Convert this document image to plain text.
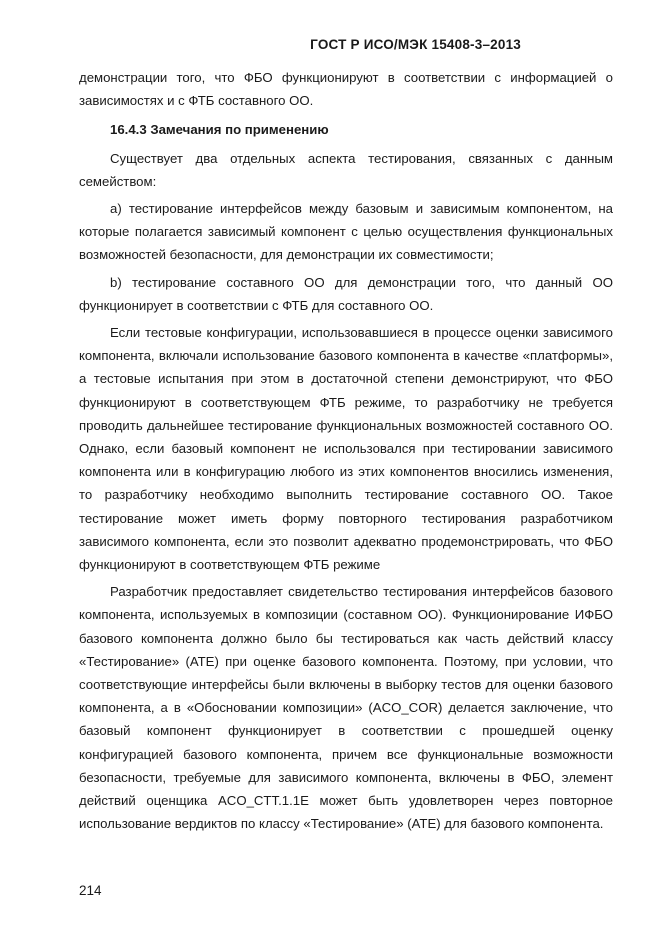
ГОСТ Р ИСО/МЭК 15408-3–2013

демонстрации того, что ФБО функционируют в соответствии с информацией о зависимостях и с ФТБ составного ОО.

16.4.3 Замечания по применению

Существует два отдельных аспекта тестирования, связанных с данным семейством:

а) тестирование интерфейсов между базовым и зависимым компонентом, на которые полагается зависимый компонент с целью осуществления функциональных возможностей безопасности, для демонстрации их совместимости;

b) тестирование составного ОО для демонстрации того, что данный ОО функционирует в соответствии с ФТБ для составного ОО.

Если тестовые конфигурации, использовавшиеся в процессе оценки зависимого компонента, включали использование базового компонента в качестве «платформы», а тестовые испытания при этом в достаточной степени демонстрируют, что ФБО функционируют в соответствующем ФТБ режиме, то разработчику не требуется проводить дальнейшее тестирование функциональных возможностей составного ОО. Однако, если базовый компонент не использовался при тестировании зависимого компонента или в конфигурацию любого из этих компонентов вносились изменения, то разработчику необходимо выполнить тестирование составного ОО. Такое тестирование может иметь форму повторного тестирования разработчиком зависимого компонента, если это позволит адекватно продемонстрировать, что ФБО функционируют в соответствующем ФТБ режиме

Разработчик предоставляет свидетельство тестирования интерфейсов базового компонента, используемых в композиции (составном ОО). Функционирование ИФБО базового компонента должно было бы тестироваться как часть действий классу «Тестирование» (АТЕ) при оценке базового компонента. Поэтому, при условии, что соответствующие интерфейсы были включены в выборку тестов для оценки базового компонента, а в «Обосновании композиции» (ACO_COR) делается заключение, что базовый компонент функционирует в соответствии с прошедшей оценку конфигурацией базового компонента, причем все функциональные возможности безопасности, требуемые для зависимого компонента, включены в ФБО, элемент действий оценщика ACO_CTT.1.1E может быть удовлетворен через повторное использование вердиктов по классу «Тестирование» (АТЕ) для базового компонента.

214
